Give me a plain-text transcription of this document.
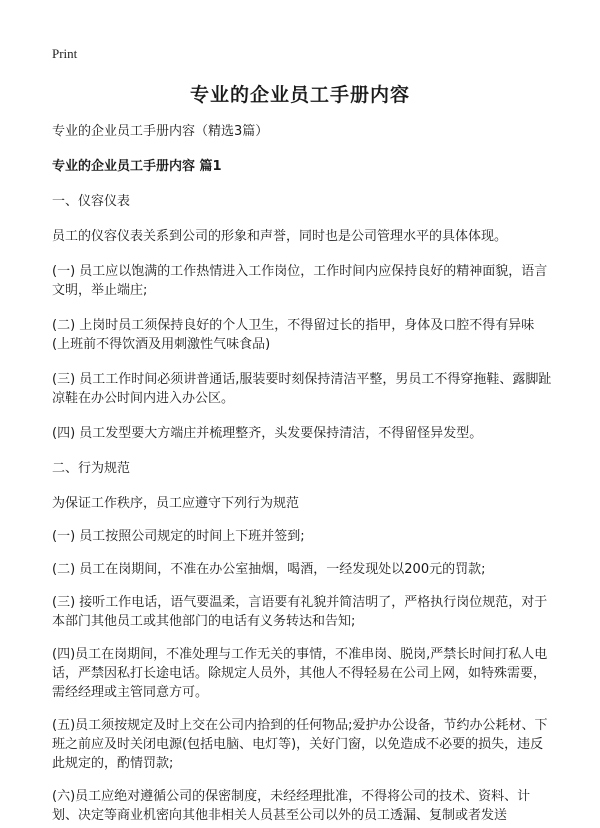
Print
专业的企业员工手册内容

专业的企业员工手册内容（精选3篇）

专业的企业员工手册内容 篇1

一、仪容仪表

员工的仪容仪表关系到公司的形象和声誉，同时也是公司管理水平的具体体现。

(一) 员工应以饱满的工作热情进入工作岗位，工作时间内应保持良好的精神面貌，语言文明，举止端庄;

(二) 上岗时员工须保持良好的个人卫生，不得留过长的指甲，身体及口腔不得有异味(上班前不得饮酒及用刺激性气味食品)

(三) 员工工作时间必须讲普通话,服装要时刻保持清洁平整，男员工不得穿拖鞋、露脚趾凉鞋在办公时间内进入办公区。

(四) 员工发型要大方端庄并梳理整齐，头发要保持清洁，不得留怪异发型。

二、行为规范

为保证工作秩序，员工应遵守下列行为规范

(一) 员工按照公司规定的时间上下班并签到;

(二) 员工在岗期间，不准在办公室抽烟，喝酒，一经发现处以200元的罚款;

(三) 接听工作电话，语气要温柔，言语要有礼貌并简洁明了，严格执行岗位规范，对于本部门其他员工或其他部门的电话有义务转达和告知;

(四)员工在岗期间，不准处理与工作无关的事情，不准串岗、脱岗,严禁长时间打私人电话，严禁因私打长途电话。除规定人员外，其他人不得轻易在公司上网，如特殊需要，需经经理或主管同意方可。

(五)员工须按规定及时上交在公司内拾到的任何物品;爱护办公设备，节约办公耗材、下班之前应及时关闭电源(包括电脑、电灯等)，关好门窗，以免造成不必要的损失，违反此规定的，酌情罚款;

(六)员工应绝对遵循公司的保密制度，未经经理批准，不得将公司的技术、资料、计划、决定等商业机密向其他非相关人员甚至公司以外的员工透漏、复制或者发送
